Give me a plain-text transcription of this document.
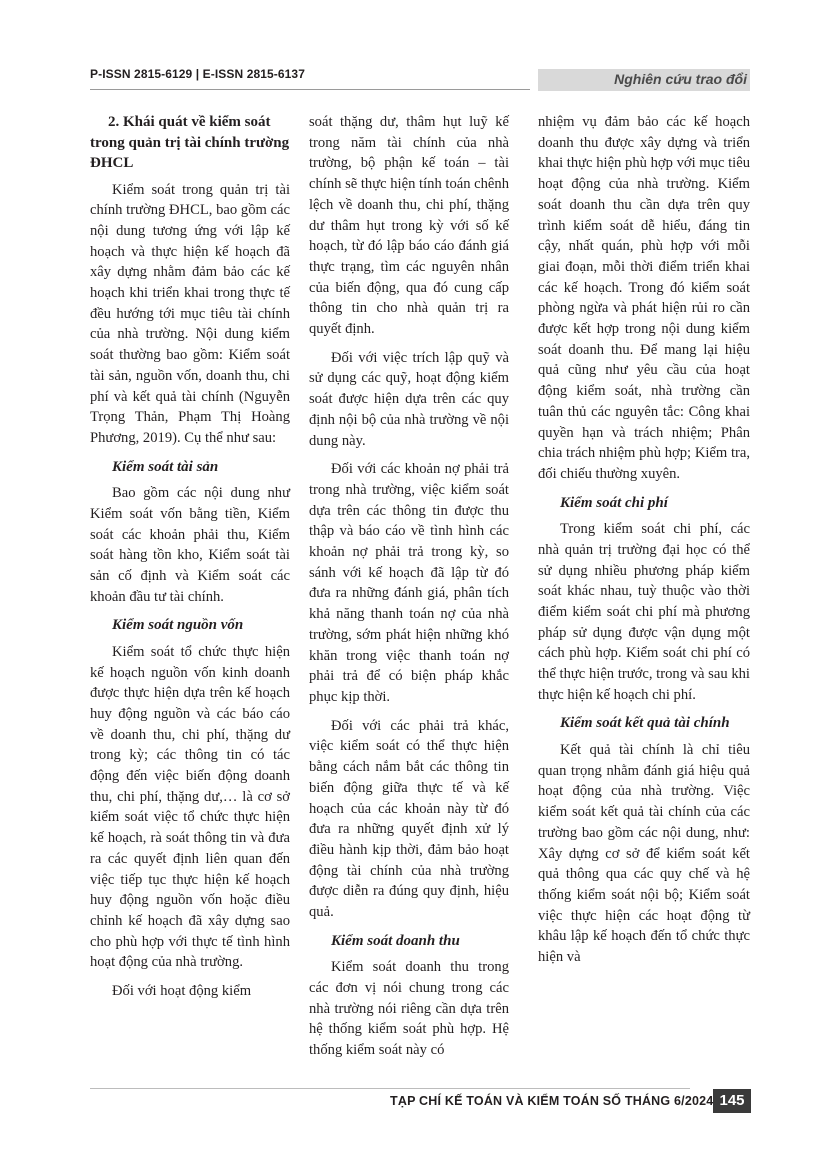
P-ISSN 2815-6129 | E-ISSN 2815-6137	Nghiên cứu trao đổi
2. Khái quát về kiểm soát trong quản trị tài chính trường ĐHCL

Kiểm soát trong quản trị tài chính trường ĐHCL, bao gồm các nội dung tương ứng với lập kế hoạch và thực hiện kế hoạch đã xây dựng nhằm đảm bảo các kế hoạch khi triển khai trong thực tế đều hướng tới mục tiêu tài chính của nhà trường. Nội dung kiểm soát thường bao gồm: Kiểm soát tài sản, nguồn vốn, doanh thu, chi phí và kết quả tài chính (Nguyễn Trọng Thản, Phạm Thị Hoàng Phương, 2019). Cụ thể như sau:

Kiểm soát tài sản

Bao gồm các nội dung như Kiểm soát vốn bằng tiền, Kiểm soát các khoản phải thu, Kiểm soát hàng tồn kho, Kiểm soát tài sản cố định và Kiểm soát các khoản đầu tư tài chính.

Kiểm soát nguồn vốn

Kiểm soát tổ chức thực hiện kế hoạch nguồn vốn kinh doanh được thực hiện dựa trên kế hoạch huy động nguồn và các báo cáo về doanh thu, chi phí, thặng dư trong kỳ; các thông tin có tác động đến việc biến động doanh thu, chi phí, thặng dư,… là cơ sở kiểm soát việc tổ chức thực hiện kế hoạch, rà soát thông tin và đưa ra các quyết định liên quan đến việc tiếp tục thực hiện kế hoạch huy động nguồn vốn hoặc điều chỉnh kế hoạch đã xây dựng sao cho phù hợp với thực tế tình hình hoạt động của nhà trường.

Đối với hoạt động kiểm

soát thặng dư, thâm hụt luỹ kế trong năm tài chính của nhà trường, bộ phận kế toán – tài chính sẽ thực hiện tính toán chênh lệch về doanh thu, chi phí, thặng dư thâm hụt trong kỳ với số kế hoạch, từ đó lập báo cáo đánh giá thực trạng, tìm các nguyên nhân của biến động, qua đó cung cấp thông tin cho nhà quản trị ra quyết định.

Đối với việc trích lập quỹ và sử dụng các quỹ, hoạt động kiểm soát được hiện dựa trên các quy định nội bộ của nhà trường về nội dung này.

Đối với các khoản nợ phải trả trong nhà trường, việc kiểm soát dựa trên các thông tin được thu thập và báo cáo về tình hình các khoản nợ phải trả trong kỳ, so sánh với kế hoạch đã lập từ đó đưa ra những đánh giá, phân tích khả năng thanh toán nợ của nhà trường, sớm phát hiện những khó khăn trong việc thanh toán nợ phải trả để có biện pháp khắc phục kịp thời.

Đối với các phải trả khác, việc kiểm soát có thể thực hiện bằng cách nắm bắt các thông tin biến động giữa thực tế và kế hoạch của các khoản này từ đó đưa ra những quyết định xử lý điều hành kịp thời, đảm bảo hoạt động tài chính của nhà trường được diễn ra đúng quy định, hiệu quả.

Kiểm soát doanh thu

Kiểm soát doanh thu trong các đơn vị nói chung trong các nhà trường nói riêng cần dựa trên hệ thống kiểm soát phù hợp. Hệ thống kiểm soát này có

nhiệm vụ đảm bảo các kế hoạch doanh thu được xây dựng và triển khai thực hiện phù hợp với mục tiêu hoạt động của nhà trường. Kiểm soát doanh thu cần dựa trên quy trình kiểm soát dễ hiểu, đáng tin cậy, nhất quán, phù hợp với mỗi giai đoạn, mỗi thời điểm triển khai các kế hoạch. Trong đó kiểm soát phòng ngừa và phát hiện rủi ro cần được kết hợp trong nội dung kiểm soát doanh thu. Để mang lại hiệu quả cũng như yêu cầu của hoạt động kiểm soát, nhà trường cần tuân thủ các nguyên tắc: Công khai quyền hạn và trách nhiệm; Phân chia trách nhiệm phù hợp; Kiểm tra, đối chiếu thường xuyên.

Kiểm soát chi phí

Trong kiểm soát chi phí, các nhà quản trị trường đại học có thể sử dụng nhiều phương pháp kiểm soát khác nhau, tuỳ thuộc vào thời điểm kiểm soát chi phí mà phương pháp sử dụng được vận dụng một cách phù hợp. Kiểm soát chi phí có thể thực hiện trước, trong và sau khi thực hiện kế hoạch chi phí.

Kiểm soát kết quả tài chính

Kết quả tài chính là chỉ tiêu quan trọng nhằm đánh giá hiệu quả hoạt động của nhà trường. Việc kiểm soát kết quả tài chính của các trường bao gồm các nội dung, như: Xây dựng cơ sở để kiểm soát kết quả thông qua các quy chế và hệ thống kiểm soát nội bộ; Kiểm soát việc thực hiện các hoạt động từ khâu lập kế hoạch đến tổ chức thực hiện và

TẠP CHÍ KẾ TOÁN VÀ KIỂM TOÁN SỐ THÁNG 6/2024 145
